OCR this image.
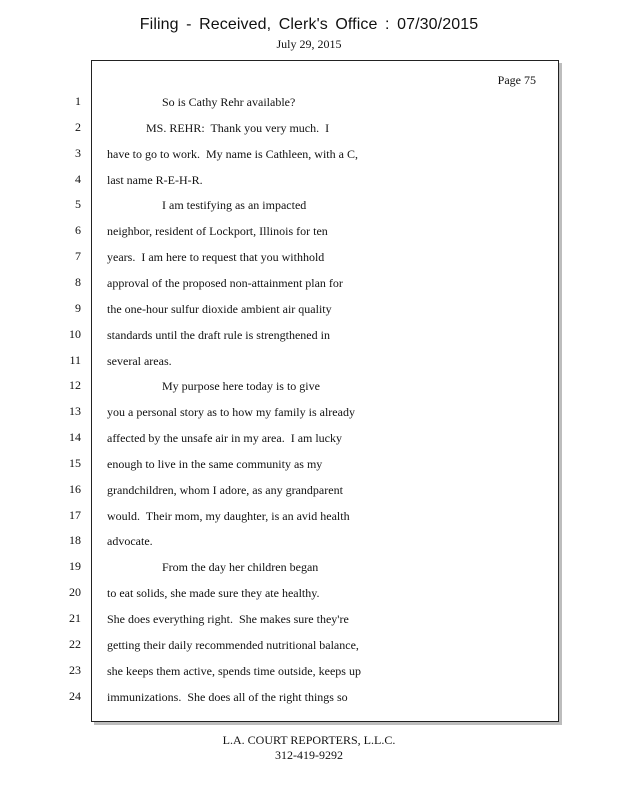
Filing - Received, Clerk's Office : 07/30/2015
July 29, 2015
Page 75
So is Cathy Rehr available?
MS. REHR:  Thank you very much.  I
have to go to work.  My name is Cathleen, with a C,
last name R-E-H-R.
I am testifying as an impacted
neighbor, resident of Lockport, Illinois for ten
years.  I am here to request that you withhold
approval of the proposed non-attainment plan for
the one-hour sulfur dioxide ambient air quality
standards until the draft rule is strengthened in
several areas.
My purpose here today is to give
you a personal story as to how my family is already
affected by the unsafe air in my area.  I am lucky
enough to live in the same community as my
grandchildren, whom I adore, as any grandparent
would.  Their mom, my daughter, is an avid health
advocate.
From the day her children began
to eat solids, she made sure they ate healthy.
She does everything right.  She makes sure they're
getting their daily recommended nutritional balance,
she keeps them active, spends time outside, keeps up
immunizations.  She does all of the right things so
L.A. COURT REPORTERS, L.L.C.
312-419-9292
1
2
3
4
5
6
7
8
9
10
11
12
13
14
15
16
17
18
19
20
21
22
23
24
